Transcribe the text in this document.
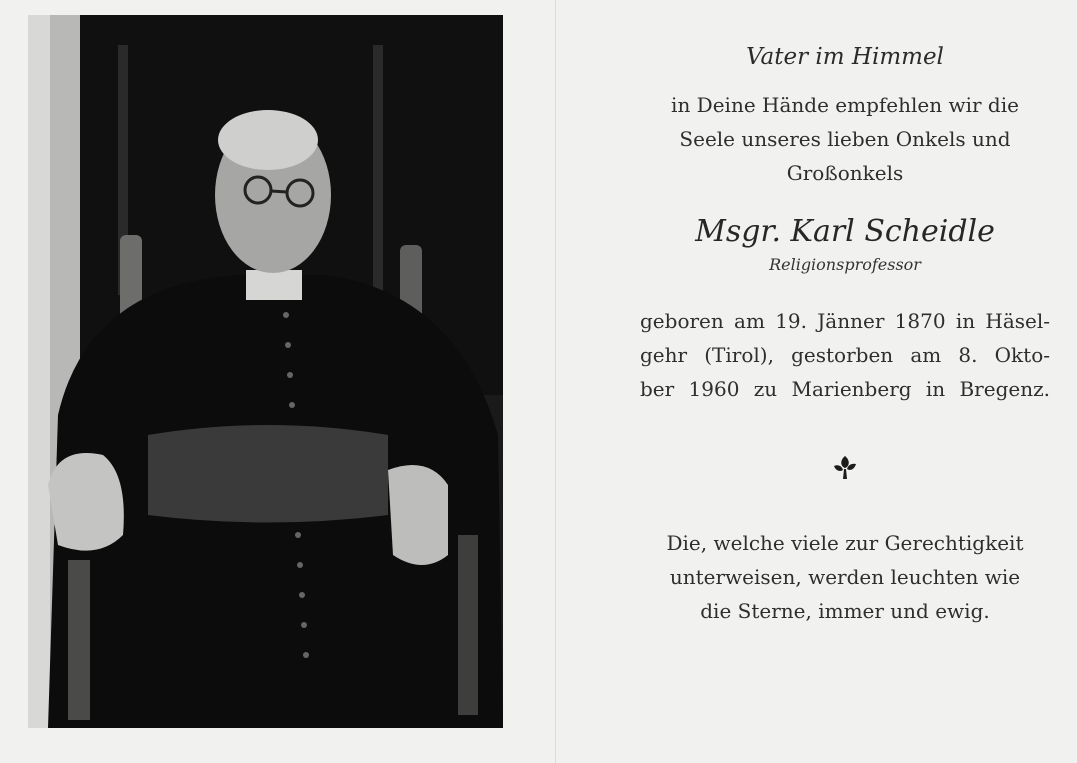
Vater im Himmel

in Deine Hände empfehlen wir die
Seele unseres lieben Onkels und
Großonkels

Msgr. Karl Scheidle

Religionsprofessor

geboren am 19. Jänner 1870 in Häsel-
gehr (Tirol), gestorben am 8. Okto-
ber 1960 zu Marienberg in Bregenz.

Die, welche viele zur Gerechtigkeit
unterweisen, werden leuchten wie
die Sterne, immer und ewig.
